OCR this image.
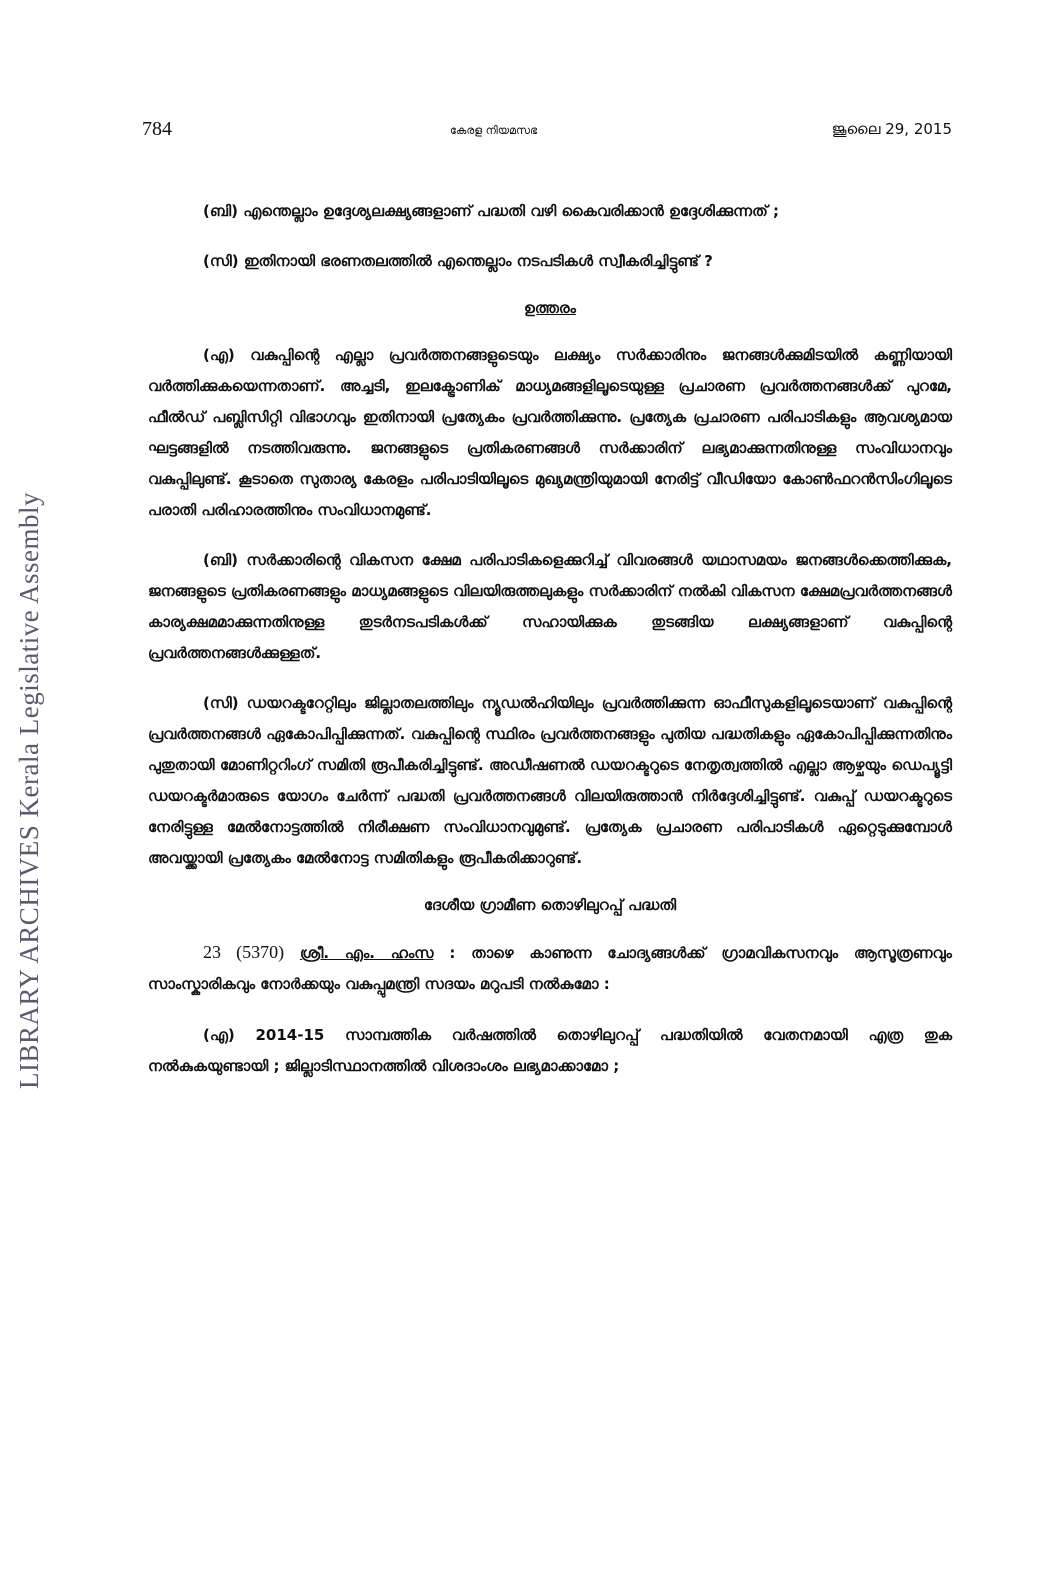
LIBRARY ARCHIVES Kerala Legislative Assembly
784	കേരള നിയമസഭ	ജൂലൈ 29, 2015

(ബി) എന്തെല്ലാം ഉദ്ദേശ്യലക്ഷ്യങ്ങളാണ് പദ്ധതി വഴി കൈവരിക്കാൻ ഉദ്ദേശിക്കുന്നത് ;

(സി) ഇതിനായി ഭരണതലത്തിൽ എന്തെല്ലാം നടപടികൾ സ്വീകരിച്ചിട്ടുണ്ട് ?

ഉത്തരം

(എ) വകുപ്പിന്റെ എല്ലാ പ്രവർത്തനങ്ങളുടെയും ലക്ഷ്യം സർക്കാരിനും ജനങ്ങൾക്കുമിടയിൽ കണ്ണിയായി വർത്തിക്കുകയെന്നതാണ്. അച്ചടി, ഇലക്ട്രോണിക് മാധ്യമങ്ങളിലൂടെയുള്ള പ്രചാരണ പ്രവർത്തനങ്ങൾക്ക് പുറമേ, ഫീൽഡ് പബ്ലിസിറ്റി വിഭാഗവും ഇതിനായി പ്രത്യേകം പ്രവർത്തിക്കുന്നു. പ്രത്യേക പ്രചാരണ പരിപാടികളും ആവശ്യമായ ഘട്ടങ്ങളിൽ നടത്തിവരുന്നു. ജനങ്ങളുടെ പ്രതികരണങ്ങൾ സർക്കാരിന് ലഭ്യമാക്കുന്നതിനുള്ള സംവിധാനവും വകുപ്പിലുണ്ട്. കൂടാതെ സുതാര്യ കേരളം പരിപാടിയിലൂടെ മുഖ്യമന്ത്രിയുമായി നേരിട്ട് വീഡിയോ കോൺഫറൻസിംഗിലൂടെ പരാതി പരിഹാരത്തിനും സംവിധാനമുണ്ട്.

(ബി) സർക്കാരിന്റെ വികസന ക്ഷേമ പരിപാടികളെക്കുറിച്ച് വിവരങ്ങൾ യഥാസമയം ജനങ്ങൾക്കെത്തിക്കുക, ജനങ്ങളുടെ പ്രതികരണങ്ങളും മാധ്യമങ്ങളുടെ വിലയിരുത്തലുകളും സർക്കാരിന് നൽകി വികസന ക്ഷേമപ്രവർത്തനങ്ങൾ കാര്യക്ഷമമാക്കുന്നതിനുള്ള തുടർനടപടികൾക്ക് സഹായിക്കുക തുടങ്ങിയ ലക്ഷ്യങ്ങളാണ് വകുപ്പിന്റെ പ്രവർത്തനങ്ങൾക്കുള്ളത്.

(സി) ഡയറക്ടറേറ്റിലും ജില്ലാതലത്തിലും ന്യൂഡൽഹിയിലും പ്രവർത്തിക്കുന്ന ഓഫീസുകളിലൂടെയാണ് വകുപ്പിന്റെ പ്രവർത്തനങ്ങൾ ഏകോപിപ്പിക്കുന്നത്. വകുപ്പിന്റെ സ്ഥിരം പ്രവർത്തനങ്ങളും പുതിയ പദ്ധതികളും ഏകോപിപ്പിക്കുന്നതിനും പുതുതായി മോണിറ്ററിംഗ് സമിതി രൂപീകരിച്ചിട്ടുണ്ട്. അഡീഷണൽ ഡയറക്ടറുടെ നേതൃത്വത്തിൽ എല്ലാ ആഴ്ചയും ഡെപ്യൂട്ടി ഡയറക്ടർമാരുടെ യോഗം ചേർന്ന് പദ്ധതി പ്രവർത്തനങ്ങൾ വിലയിരുത്താൻ നിർദ്ദേശിച്ചിട്ടുണ്ട്. വകുപ്പ് ഡയറക്ടറുടെ നേരിട്ടുള്ള മേൽനോട്ടത്തിൽ നിരീക്ഷണ സംവിധാനവുമുണ്ട്. പ്രത്യേക പ്രചാരണ പരിപാടികൾ ഏറ്റെടുക്കുമ്പോൾ അവയ്ക്കായി പ്രത്യേകം മേൽനോട്ട സമിതികളും രൂപീകരിക്കാറുണ്ട്.

ദേശീയ ഗ്രാമീണ തൊഴിലുറപ്പ് പദ്ധതി

23 (5370) ശ്രീ. എം. ഹംസ : താഴെ കാണുന്ന ചോദ്യങ്ങൾക്ക് ഗ്രാമവികസനവും ആസൂത്രണവും സാംസ്കാരികവും നോർക്കയും വകുപ്പുമന്ത്രി സദയം മറുപടി നൽകുമോ :

(എ) 2014-15 സാമ്പത്തിക വർഷത്തിൽ തൊഴിലുറപ്പ് പദ്ധതിയിൽ വേതനമായി എത്ര തുക നൽകുകയുണ്ടായി ; ജില്ലാടിസ്ഥാനത്തിൽ വിശദാംശം ലഭ്യമാക്കാമോ ;
